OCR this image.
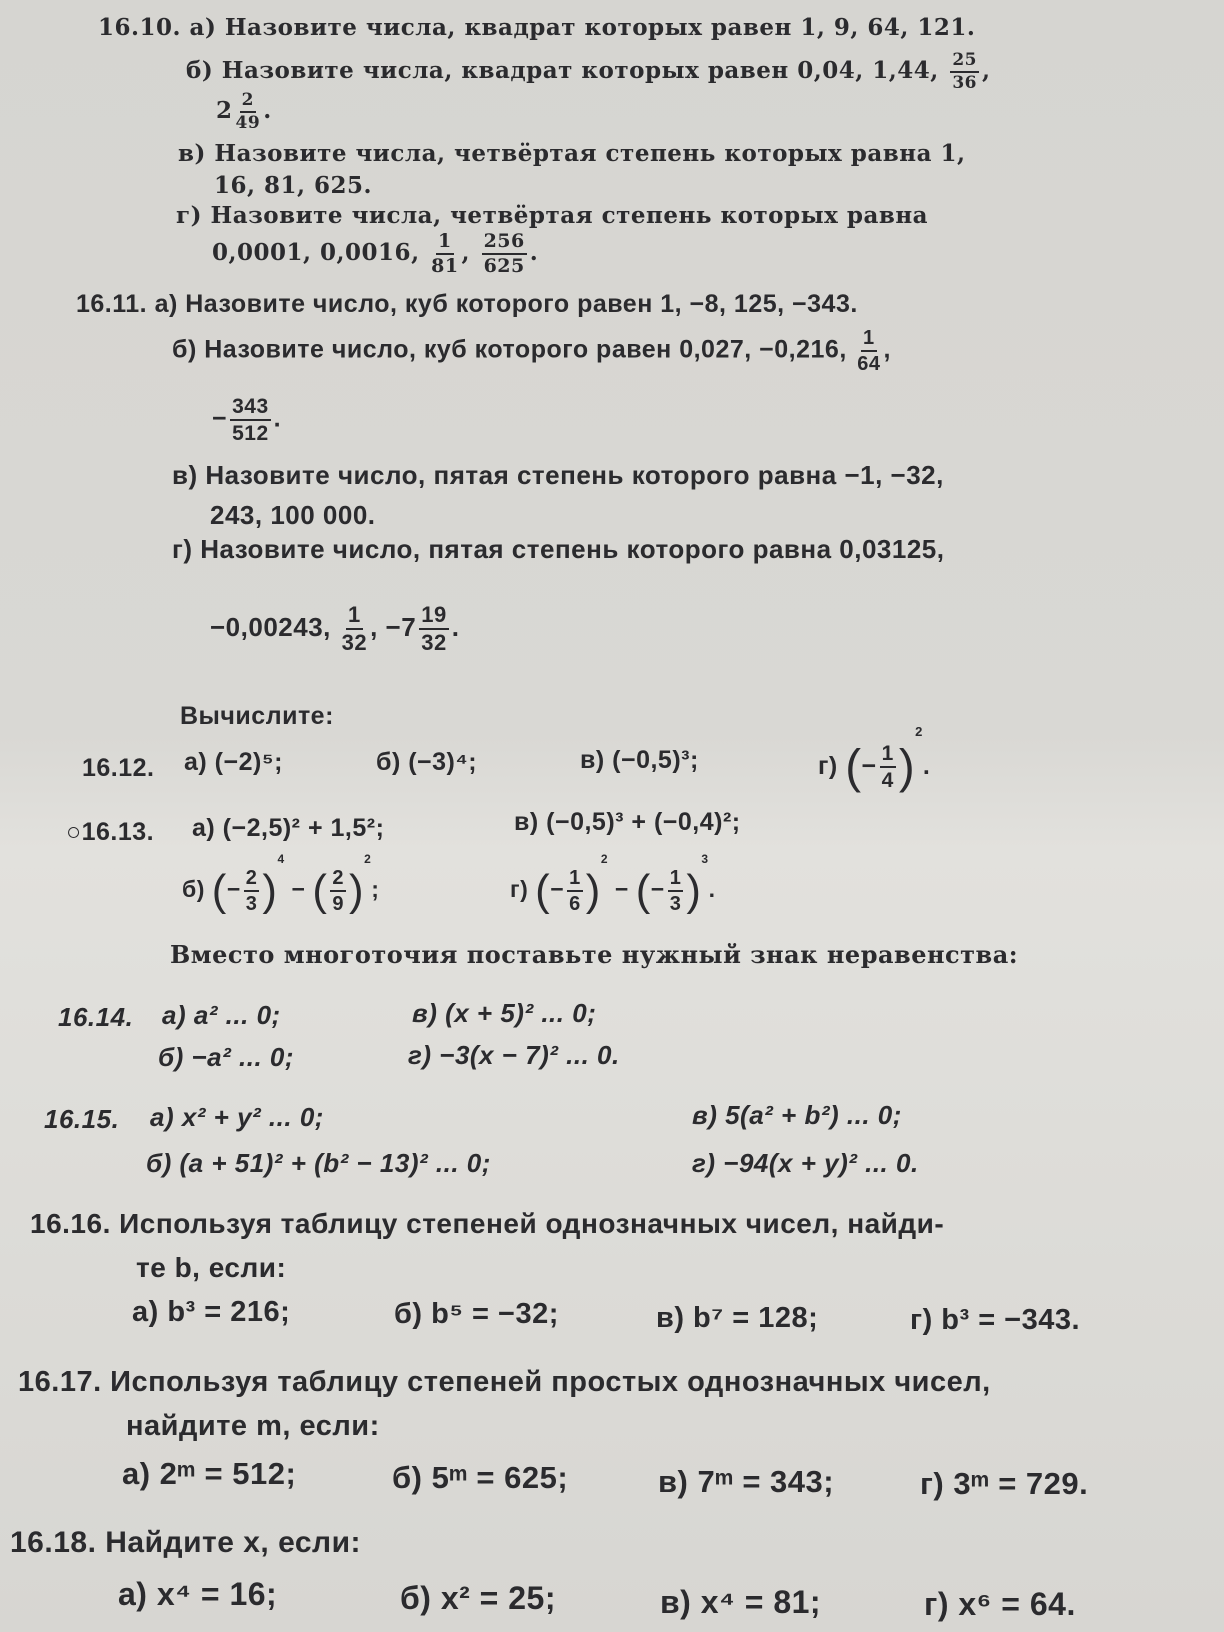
16.10. а) Назовите числа, квадрат которых равен 1, 9, 64, 121.
б) Назовите числа, квадрат которых равен 0,04, 1,44, $\frac{25}{36}$ ,
$2 \frac{2}{49}$ .
в) Назовите числа, четвёртая степень которых равна 1,
16, 81, 625.
г) Назовите числа, четвёртая степень которых равна
0,0001, 0,0016, $\frac{1}{81}$ , $\frac{256}{625}$ .
16.11. а) Назовите число, куб которого равен 1, −8, 125, −343.
б) Назовите число, куб которого равен 0,027, −0,216, $\frac{1}{64}$ ,
− $\frac{343}{512}$ .
в) Назовите число, пятая степень которого равна −1, −32,
243, 100 000.
г) Назовите число, пятая степень которого равна 0,03125,
−0,00243, $\frac{1}{32}$ , $-7 \frac{19}{32}$ .
Вычислите:
16.12. а) (−2)⁵;	б) (−3)⁴;	в) (−0,5)³;	г) (− $\frac{1}{4} )^2$.
○16.13. а) (−2,5)² + 1,5²;	в) (−0,5)³ + (−0,4)²;
б) (− $\frac{2}{3} )^4$ − ( $\frac{2}{9} )^2$;	г) (− $\frac{1}{6} )^2$ − (− $\frac{1}{3} )^3$.
Вместо многоточия поставьте нужный знак неравенства:
16.14. а) a² ... 0;	в) (x + 5)² ... 0;
б) −a² ... 0;	г) −3(x − 7)² ... 0.
16.15. а) x² + y² ... 0;	в) 5(a² + b²) ... 0;
б) (a + 51)² + (b² − 13)² ... 0;	г) −94(x + y)² ... 0.
16.16. Используя таблицу степеней однозначных чисел, найди-
те b, если:
а) b³ = 216;	б) b⁵ = −32;	в) b⁷ = 128;	г) b³ = −343.
16.17. Используя таблицу степеней простых однозначных чисел,
найдите m, если:
а) 2ᵐ = 512;	б) 5ᵐ = 625;	в) 7ᵐ = 343;	г) 3ᵐ = 729.
16.18. Найдите x, если:
а) x⁴ = 16;	б) x² = 25;	в) x⁴ = 81;	г) x⁶ = 64.
